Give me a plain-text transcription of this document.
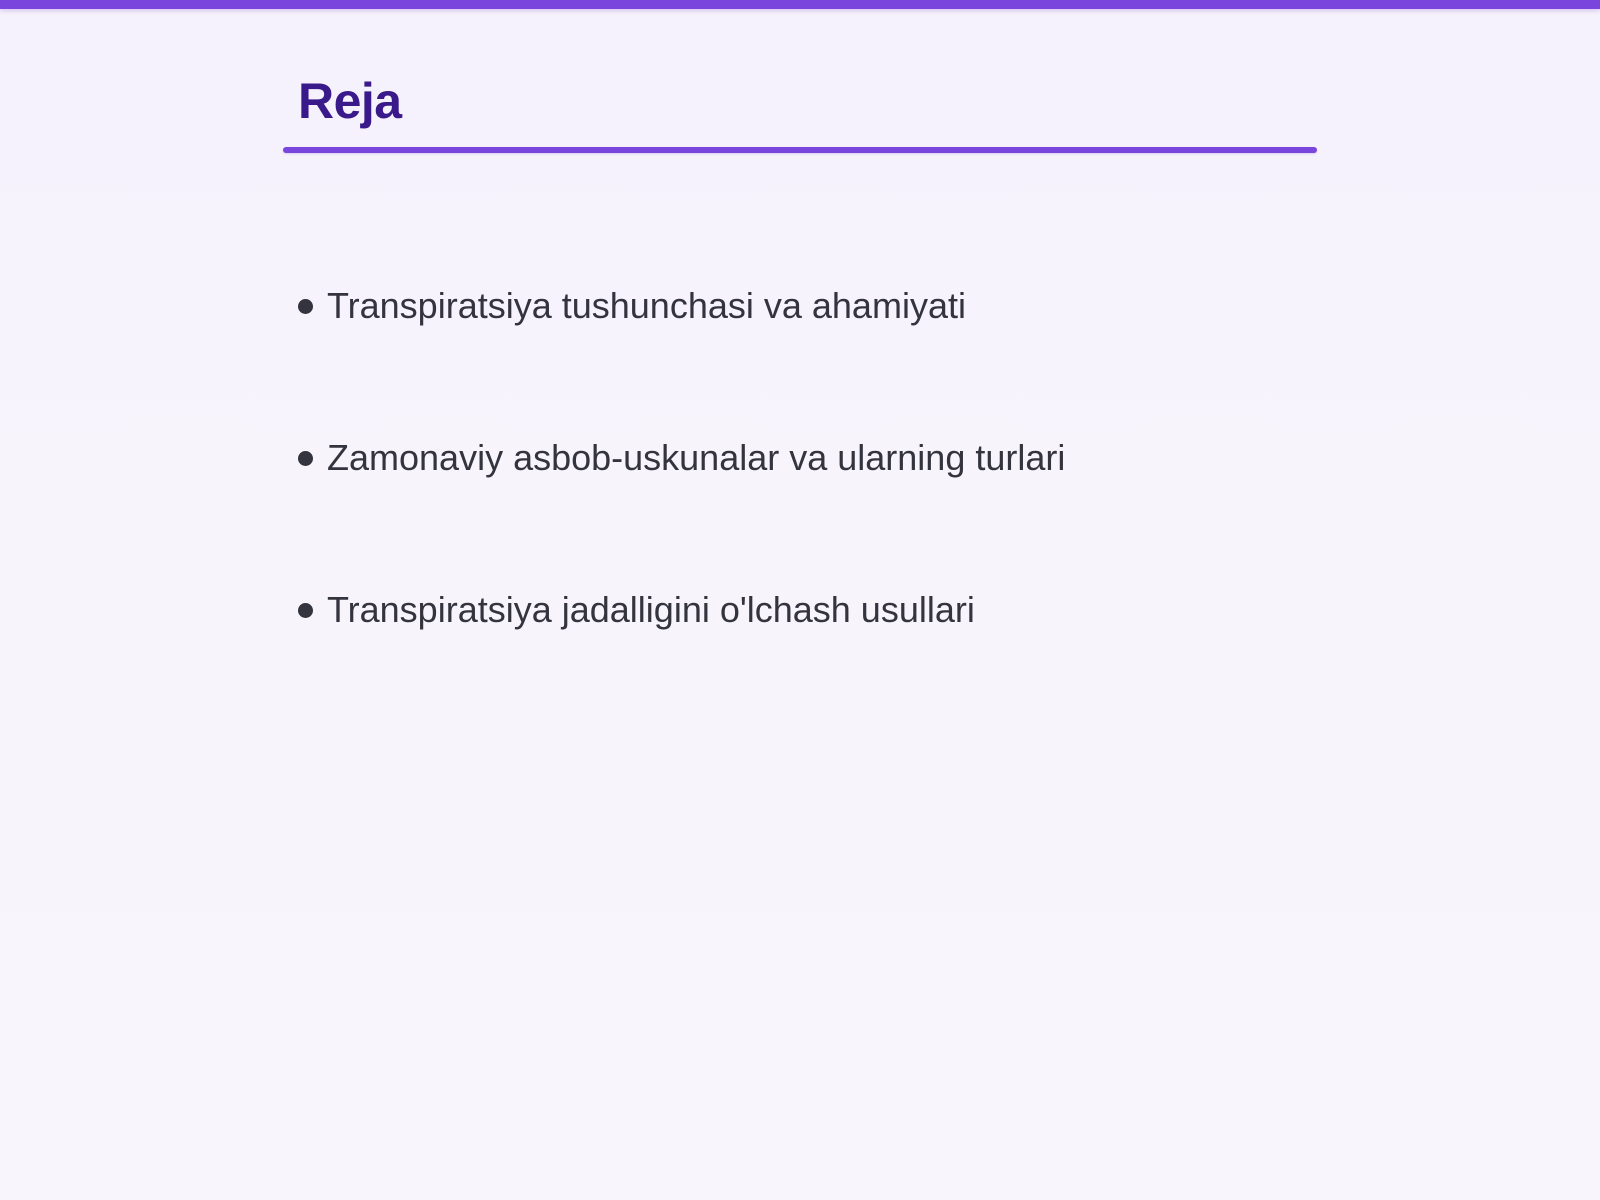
Reja
Transpiratsiya tushunchasi va ahamiyati
Zamonaviy asbob-uskunalar va ularning turlari
Transpiratsiya jadalligini o'lchash usullari
